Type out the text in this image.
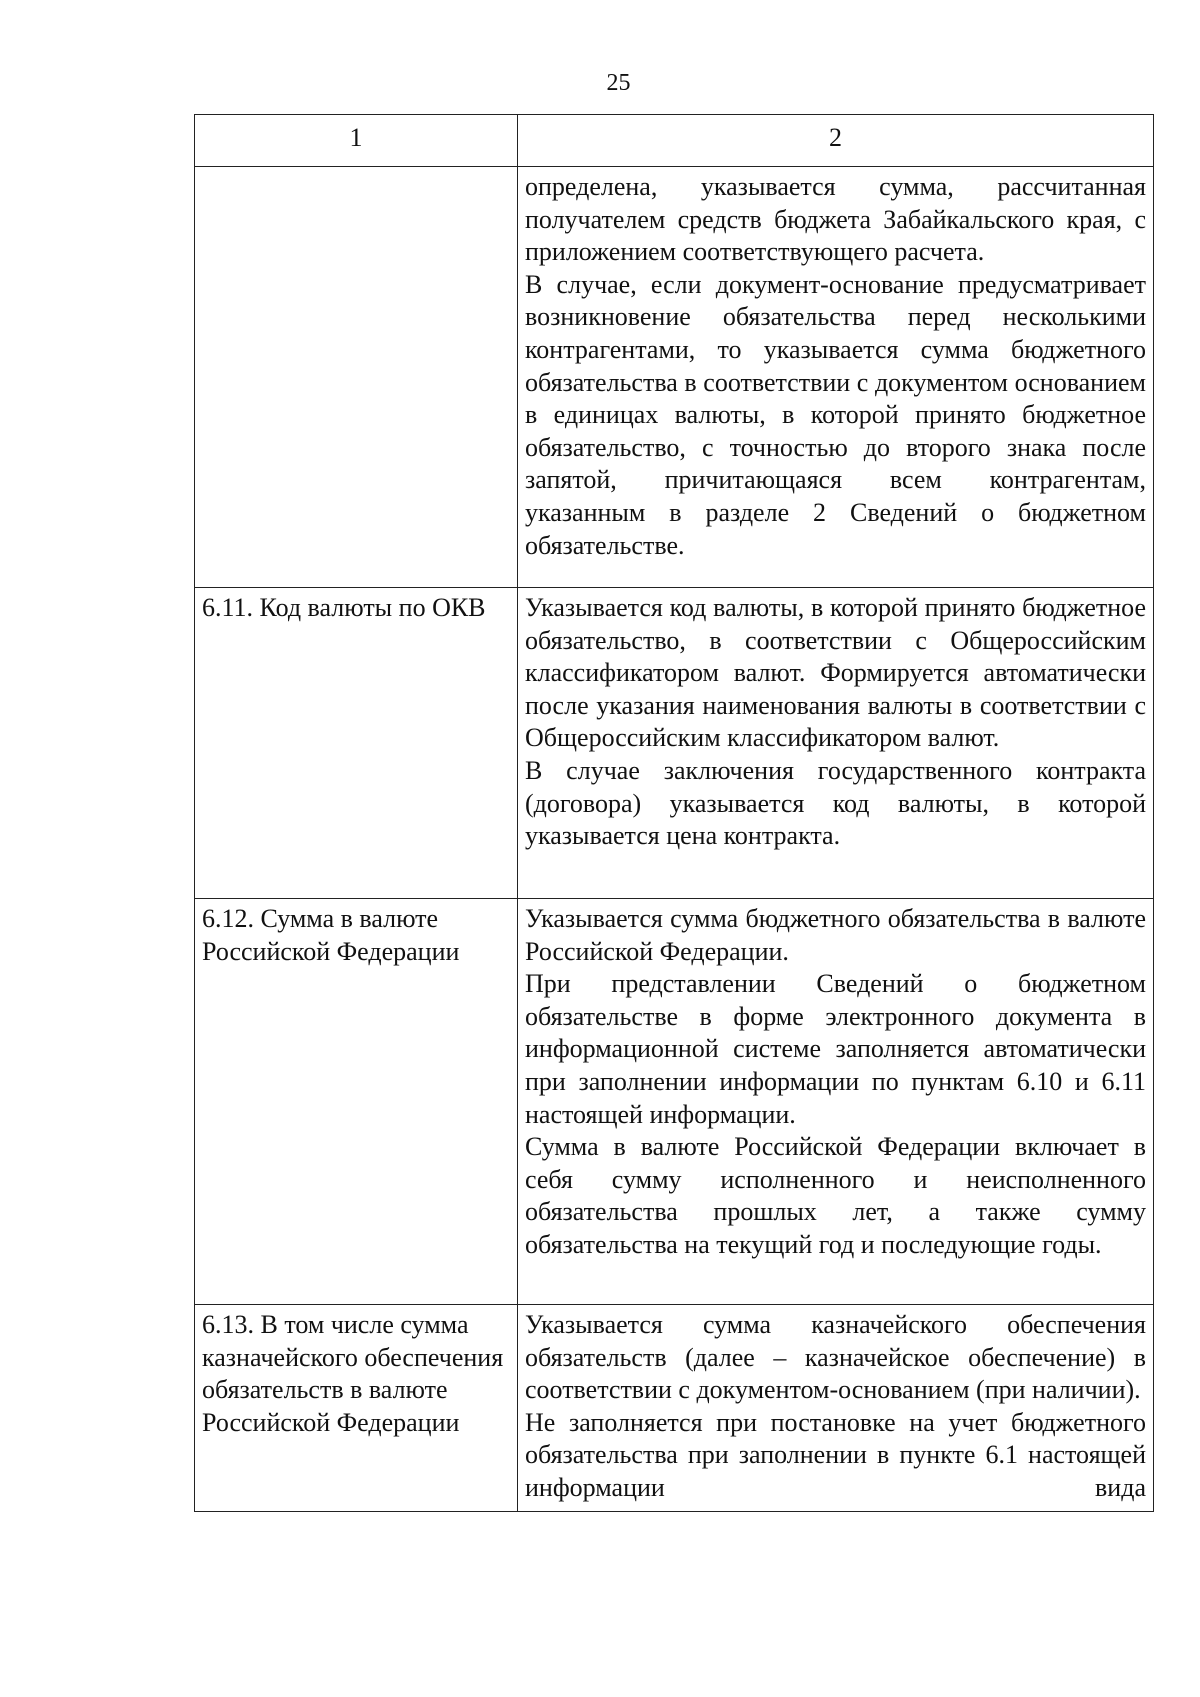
25
1	2

	определена, указывается сумма, рассчитанная получателем средств бюджета Забайкальского края, с приложением соответствующего расчета.

В случае, если документ-основание предусматривает возникновение обязательства перед несколькими контрагентами, то указывается сумма бюджетного обязательства в соответствии с документом основанием в единицах валюты, в которой принято бюджетное обязательство, с точностью до второго знака после запятой, причитающаяся всем контрагентам, указанным в разделе 2 Сведений о бюджетном обязательстве.

6.11. Код валюты по ОКВ	Указывается код валюты, в которой принято бюджетное обязательство, в соответствии с Общероссийским классификатором валют. Формируется автоматически после указания наименования валюты в соответствии с Общероссийским классификатором валют.

В случае заключения государственного контракта (договора) указывается код валюты, в которой указывается цена контракта.

6.12. Сумма в валюте Российской Федерации	Указывается сумма бюджетного обязательства в валюте Российской Федерации.

При представлении Сведений о бюджетном обязательстве в форме электронного документа в информационной системе заполняется автоматически при заполнении информации по пунктам 6.10 и 6.11 настоящей информации.

Сумма в валюте Российской Федерации включает в себя сумму исполненного и неисполненного обязательства прошлых лет, а также сумму обязательства на текущий год и последующие годы.

6.13. В том числе сумма казначейского обеспечения обязательств в валюте Российской Федерации	Указывается сумма казначейского обеспечения обязательств (далее – казначейское обеспечение) в соответствии с документом-основанием (при наличии).

Не заполняется при постановке на учет бюджетного обязательства при заполнении в пункте 6.1 настоящей информации вида
